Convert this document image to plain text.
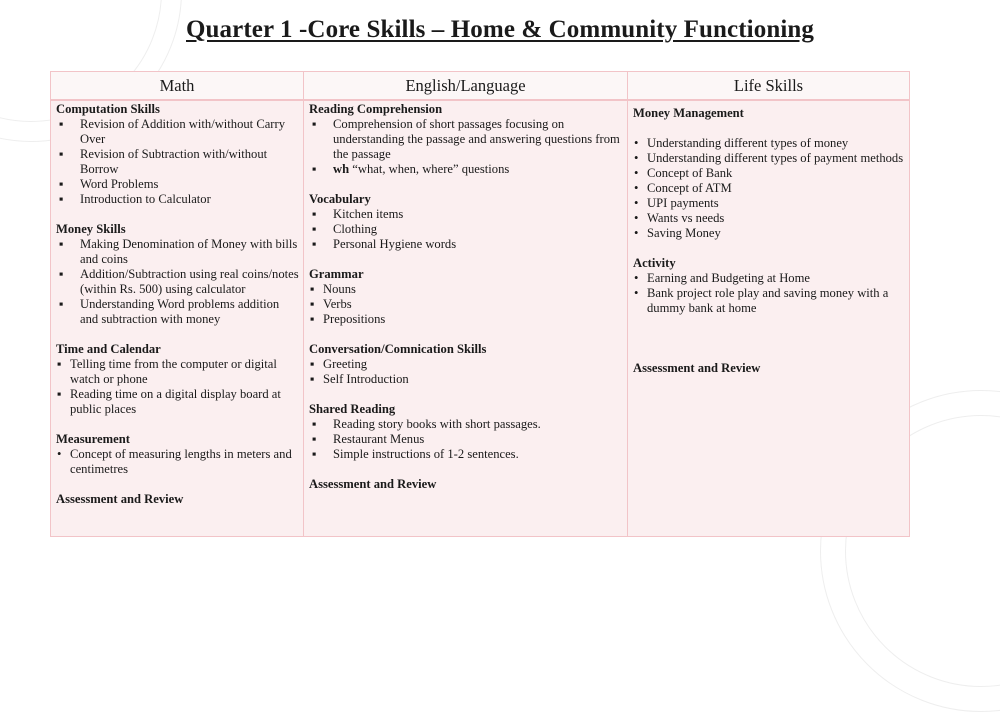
Quarter 1 -Core Skills – Home & Community Functioning
Math	English/Language	Life Skills
Computation Skills
▪ Revision of Addition with/without Carry Over
▪ Revision of Subtraction with/without Borrow
▪ Word Problems
▪ Introduction to Calculator
Money Skills
▪ Making Denomination of Money with bills and coins
▪ Addition/Subtraction using real coins/notes (within Rs. 500) using calculator
▪ Understanding Word problems addition and subtraction with money
Time and Calendar
▪ Telling time from the computer or digital watch or phone
▪ Reading time on a digital display board at public places
Measurement
• Concept of measuring lengths in meters and centimetres
Assessment and Review
Reading Comprehension
▪ Comprehension of short passages focusing on understanding the passage and answering questions from the passage
▪ wh “what, when, where” questions
Vocabulary
▪ Kitchen items
▪ Clothing
▪ Personal Hygiene words
Grammar
▪ Nouns
▪ Verbs
▪ Prepositions
Conversation/Comnication Skills
▪ Greeting
▪ Self Introduction
Shared Reading
▪ Reading story books with short passages.
▪ Restaurant Menus
▪ Simple instructions of 1-2 sentences.
Assessment and Review
Money Management
• Understanding different types of money
• Understanding different types of payment methods
• Concept of Bank
• Concept of ATM
• UPI payments
• Wants vs needs
• Saving Money
Activity
• Earning and Budgeting at Home
• Bank project role play and saving money with a dummy bank at home
Assessment and Review
